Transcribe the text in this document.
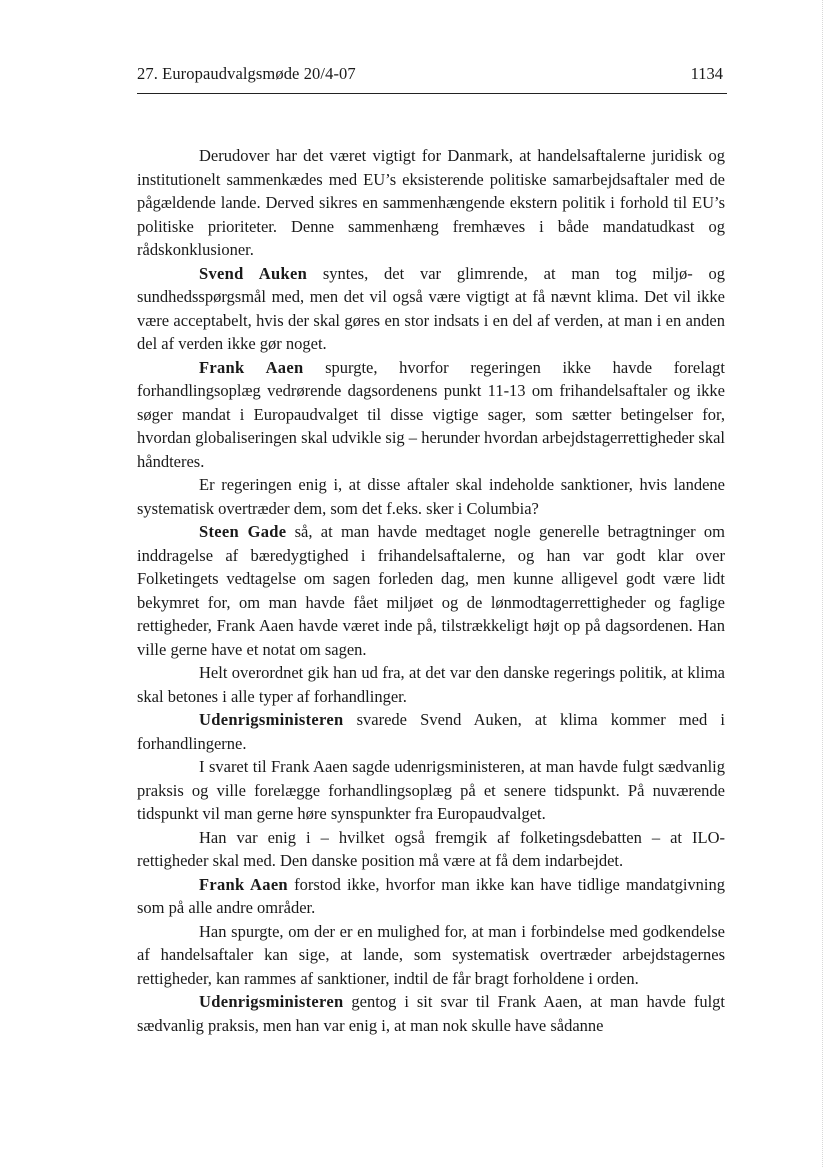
27. Europaudvalgsmøde 20/4-07	1134

Derudover har det været vigtigt for Danmark, at handelsaftalerne juridisk og institutionelt sammenkædes med EU’s eksisterende politiske samarbejdsaftaler med de pågældende lande. Derved sikres en sammenhængende ekstern politik i forhold til EU’s politiske prioriteter. Denne sammenhæng fremhæves i både mandatudkast og rådskonklusioner.

Svend Auken syntes, det var glimrende, at man tog miljø- og sundhedsspørgsmål med, men det vil også være vigtigt at få nævnt klima. Det vil ikke være acceptabelt, hvis der skal gøres en stor indsats i en del af verden, at man i en anden del af verden ikke gør noget.

Frank Aaen spurgte, hvorfor regeringen ikke havde forelagt forhandlingsoplæg vedrørende dagsordenens punkt 11-13 om frihandelsaftaler og ikke søger mandat i Europaudvalget til disse vigtige sager, som sætter betingelser for, hvordan globaliseringen skal udvikle sig – herunder hvordan arbejdstagerrettigheder skal håndteres.

Er regeringen enig i, at disse aftaler skal indeholde sanktioner, hvis landene systematisk overtræder dem, som det f.eks. sker i Columbia?

Steen Gade så, at man havde medtaget nogle generelle betragtninger om inddragelse af bæredygtighed i frihandelsaftalerne, og han var godt klar over Folketingets vedtagelse om sagen forleden dag, men kunne alligevel godt være lidt bekymret for, om man havde fået miljøet og de lønmodtagerrettigheder og faglige rettigheder, Frank Aaen havde været inde på, tilstrækkeligt højt op på dagsordenen. Han ville gerne have et notat om sagen.

Helt overordnet gik han ud fra, at det var den danske regerings politik, at klima skal betones i alle typer af forhandlinger.

Udenrigsministeren svarede Svend Auken, at klima kommer med i forhandlingerne.

I svaret til Frank Aaen sagde udenrigsministeren, at man havde fulgt sædvanlig praksis og ville forelægge forhandlingsoplæg på et senere tidspunkt. På nuværende tidspunkt vil man gerne høre synspunkter fra Europaudvalget.

Han var enig i – hvilket også fremgik af folketingsdebatten – at ILO-rettigheder skal med. Den danske position må være at få dem indarbejdet.

Frank Aaen forstod ikke, hvorfor man ikke kan have tidlige mandatgivning som på alle andre områder.

Han spurgte, om der er en mulighed for, at man i forbindelse med godkendelse af handelsaftaler kan sige, at lande, som systematisk overtræder arbejdstagernes rettigheder, kan rammes af sanktioner, indtil de får bragt forholdene i orden.

Udenrigsministeren gentog i sit svar til Frank Aaen, at man havde fulgt sædvanlig praksis, men han var enig i, at man nok skulle have sådanne
